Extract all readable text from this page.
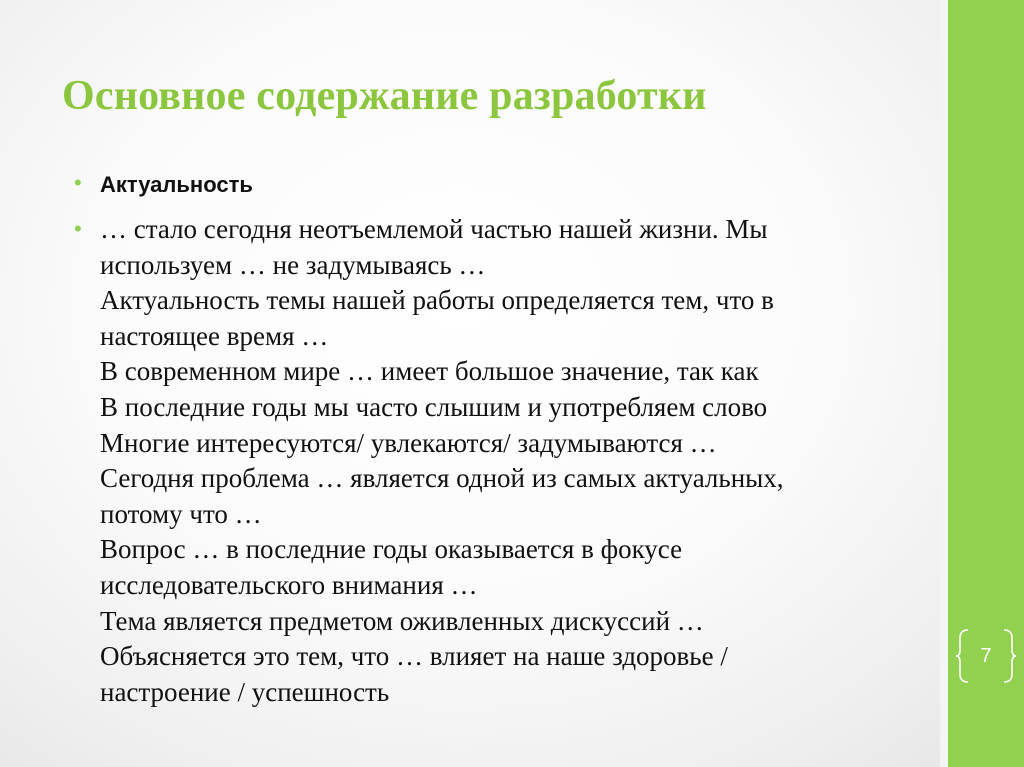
7
Основное содержание разработки
• Актуальность
• … стало сегодня неотъемлемой частью нашей жизни. Мы
используем … не задумываясь …
Актуальность темы нашей работы определяется тем, что в
настоящее время …
В современном мире … имеет большое значение, так как
В последние годы мы часто слышим и употребляем слово
Многие интересуются/ увлекаются/ задумываются …
Сегодня проблема … является одной из самых актуальных,
потому что …
Вопрос … в последние годы оказывается в фокусе
исследовательского внимания …
Тема является предметом оживленных дискуссий …
Объясняется это тем, что … влияет на наше здоровье /
настроение / успешность
